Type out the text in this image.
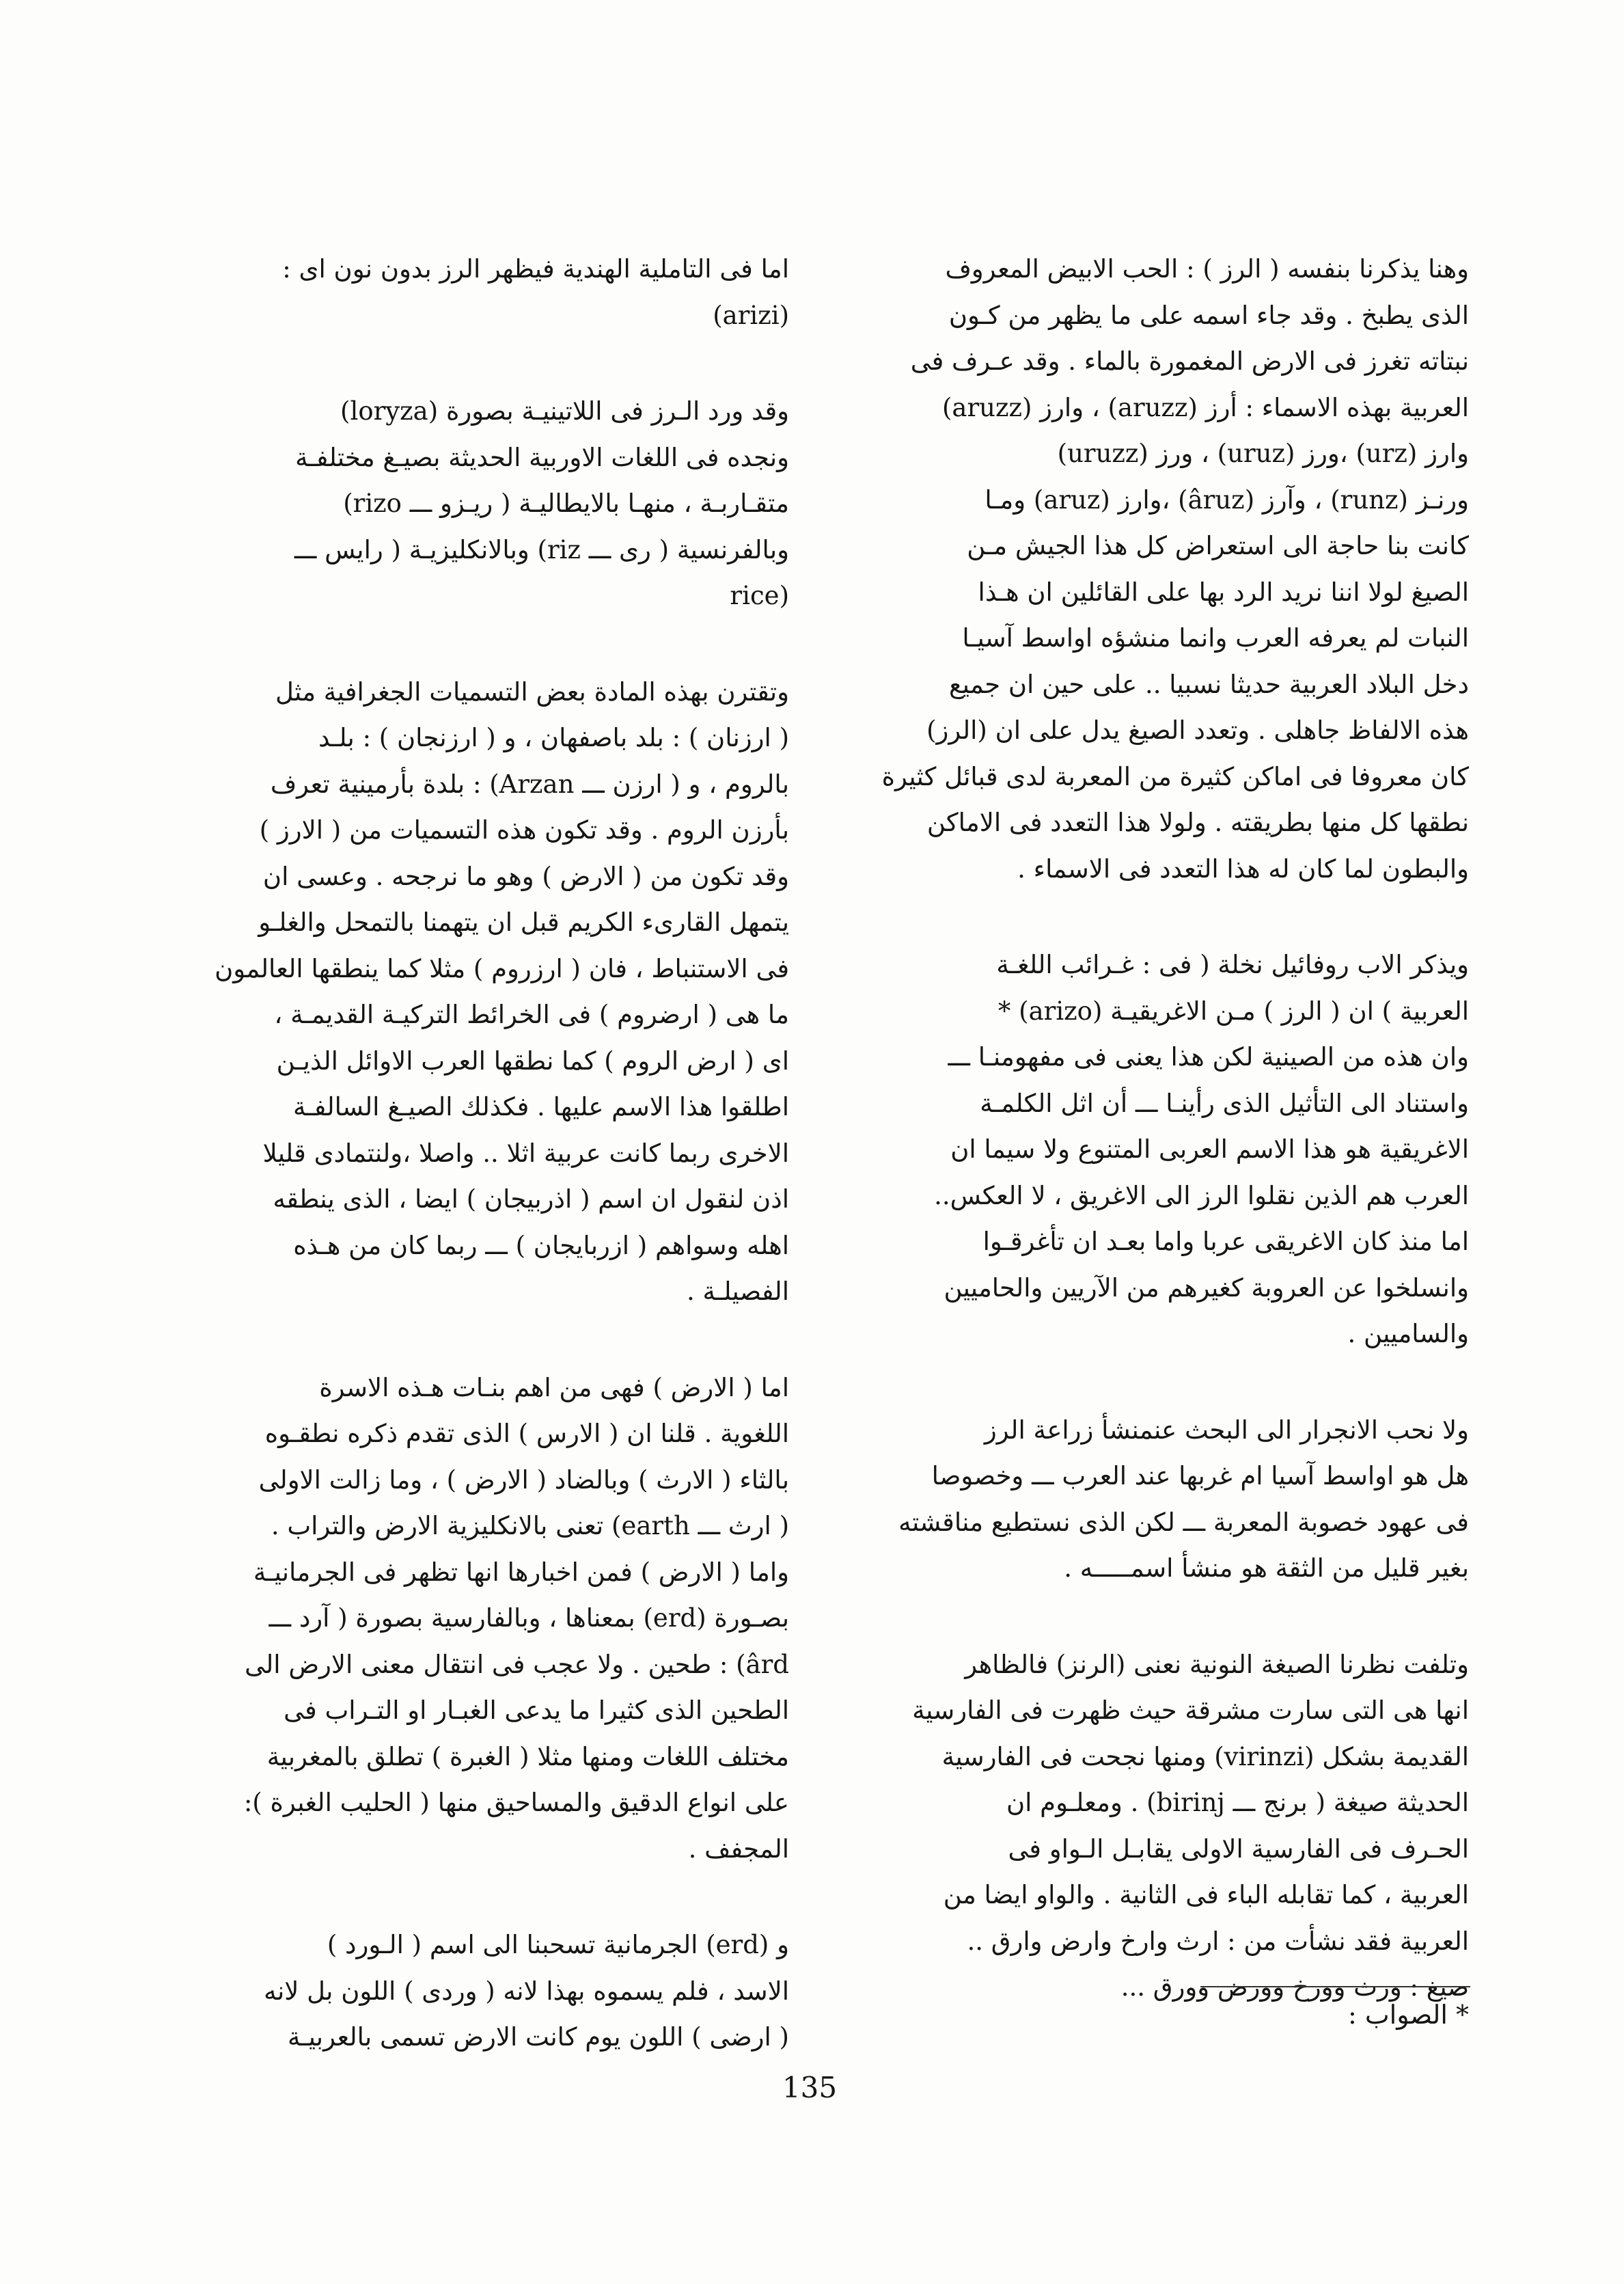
وهنا يذكرنا بنفسه ( الرز ) : الحب الابيض المعروف
الذى يطبخ . وقد جاء اسمه على ما يظهر من كـون
نبتاته تغرز فى الارض المغمورة بالماء . وقد عـرف فى
العربية بهذه الاسماء : أرز (aruzz) ، وارز (aruzz)
وارز (urz) ،ورز (uruz) ، ورز (uruzz)
ورنـز (runz) ، وآرز (âruz) ،وارز (aruz) ومـا
كانت بنا حاجة الى استعراض كل هذا الجيش مـن
الصيغ لولا اننا نريد الرد بها على القائلين ان هـذا
النبات لم يعرفه العرب وانما منشؤه اواسط آسيـا
دخل البلاد العربية حديثا نسبيا .. على حين ان جميع
هذه الالفاظ جاهلى . وتعدد الصيغ يدل على ان (الرز)
كان معروفا فى اماكن كثيرة من المعربة لدى قبائل كثيرة
نطقها كل منها بطريقته . ولولا هذا التعدد فى الاماكن
والبطون لما كان له هذا التعدد فى الاسماء .
ويذكر الاب روفائيل نخلة ( فى : غـرائب اللغـة
العربية ) ان ( الرز ) مـن الاغريقيـة (arizo) *
وان هذه من الصينية لكن هذا يعنى فى مفهومنـا ـــ
واستناد الى التأثيل الذى رأينـا ـــ أن اثل الكلمـة
الاغريقية هو هذا الاسم العربى المتنوع ولا سيما ان
العرب هم الذين نقلوا الرز الى الاغريق ، لا العكس..
اما منذ كان الاغريقى عربا واما بعـد ان تأغرقـوا
وانسلخوا عن العروبة كغيرهم من الآريين والحاميين
والساميين .
ولا نحب الانجرار الى البحث عنمنشأ زراعة الرز
هل هو اواسط آسيا ام غربها عند العرب ـــ وخصوصا
فى عهود خصوبة المعربة ـــ لكن الذى نستطيع مناقشته
بغير قليل من الثقة هو منشأ اسمـــــه .
وتلفت نظرنا الصيغة النونية نعنى (الرنز) فالظاهر
انها هى التى سارت مشرقة حيث ظهرت فى الفارسية
القديمة بشكل (virinzi) ومنها نجحت فى الفارسية
الحديثة صيغة ( برنج ـــ birinj) . ومعلـوم ان
الحـرف فى الفارسية الاولى يقابـل الـواو فى
العربية ، كما تقابله الباء فى الثانية . والواو ايضا من
العربية فقد نشأت من : ارث وارخ وارض وارق ..
صيغ : ورث وورخ وورض وورق ...
اما فى التاملية الهندية فيظهر الرز بدون نون اى :
(arizi)
وقد ورد الـرز فى اللاتينيـة بصورة (loryza)
ونجده فى اللغات الاوربية الحديثة بصيـغ مختلفـة
متقـاربـة ، منهـا بالايطاليـة ( ريـزو ـــ rizo)
وبالفرنسية ( رى ـــ riz) وبالانكليزيـة ( رايس ـــ
(rice
وتقترن بهذه المادة بعض التسميات الجغرافية مثل
( ارزنان ) : بلد باصفهان ، و ( ارزنجان ) : بلـد
بالروم ، و ( ارزن ـــ Arzan) : بلدة بأرمينية تعرف
بأرزن الروم . وقد تكون هذه التسميات من ( الارز )
وقد تكون من ( الارض ) وهو ما نرجحه . وعسى ان
يتمهل القارىء الكريم قبل ان يتهمنا بالتمحل والغلـو
فى الاستنباط ، فان ( ارزروم ) مثلا كما ينطقها العالمون
ما هى ( ارضروم ) فى الخرائط التركيـة القديمـة ،
اى ( ارض الروم ) كما نطقها العرب الاوائل الذيـن
اطلقوا هذا الاسم عليها . فكذلك الصيـغ السالفـة
الاخرى ربما كانت عربية اثلا .. واصلا ،ولنتمادى قليلا
اذن لنقول ان اسم ( اذربيجان ) ايضا ، الذى ينطقه
اهله وسواهم ( ازربايجان ) ـــ ربما كان من هـذه
الفصيلـة .
اما ( الارض ) فهى من اهم بنـات هـذه الاسرة
اللغوية . قلنا ان ( الارس ) الذى تقدم ذكره نطقـوه
بالثاء ( الارث ) وبالضاد ( الارض ) ، وما زالت الاولى
( ارث ـــ earth) تعنى بالانكليزية الارض والتراب .
واما ( الارض ) فمن اخبارها انها تظهر فى الجرمانيـة
بصـورة (erd) بمعناها ، وبالفارسية بصورة ( آرد ـــ
ârd) : طحين . ولا عجب فى انتقال معنى الارض الى
الطحين الذى كثيرا ما يدعى الغبـار او التـراب فى
مختلف اللغات ومنها مثلا ( الغبرة ) تطلق بالمغربية
على انواع الدقيق والمساحيق منها ( الحليب الغبرة ):
المجفف .
و (erd) الجرمانية تسحبنا الى اسم ( الـورد )
الاسد ، فلم يسموه بهذا لانه ( وردى ) اللون بل لانه
( ارضى ) اللون يوم كانت الارض تسمى بالعربيـة
* الصواب :
135
